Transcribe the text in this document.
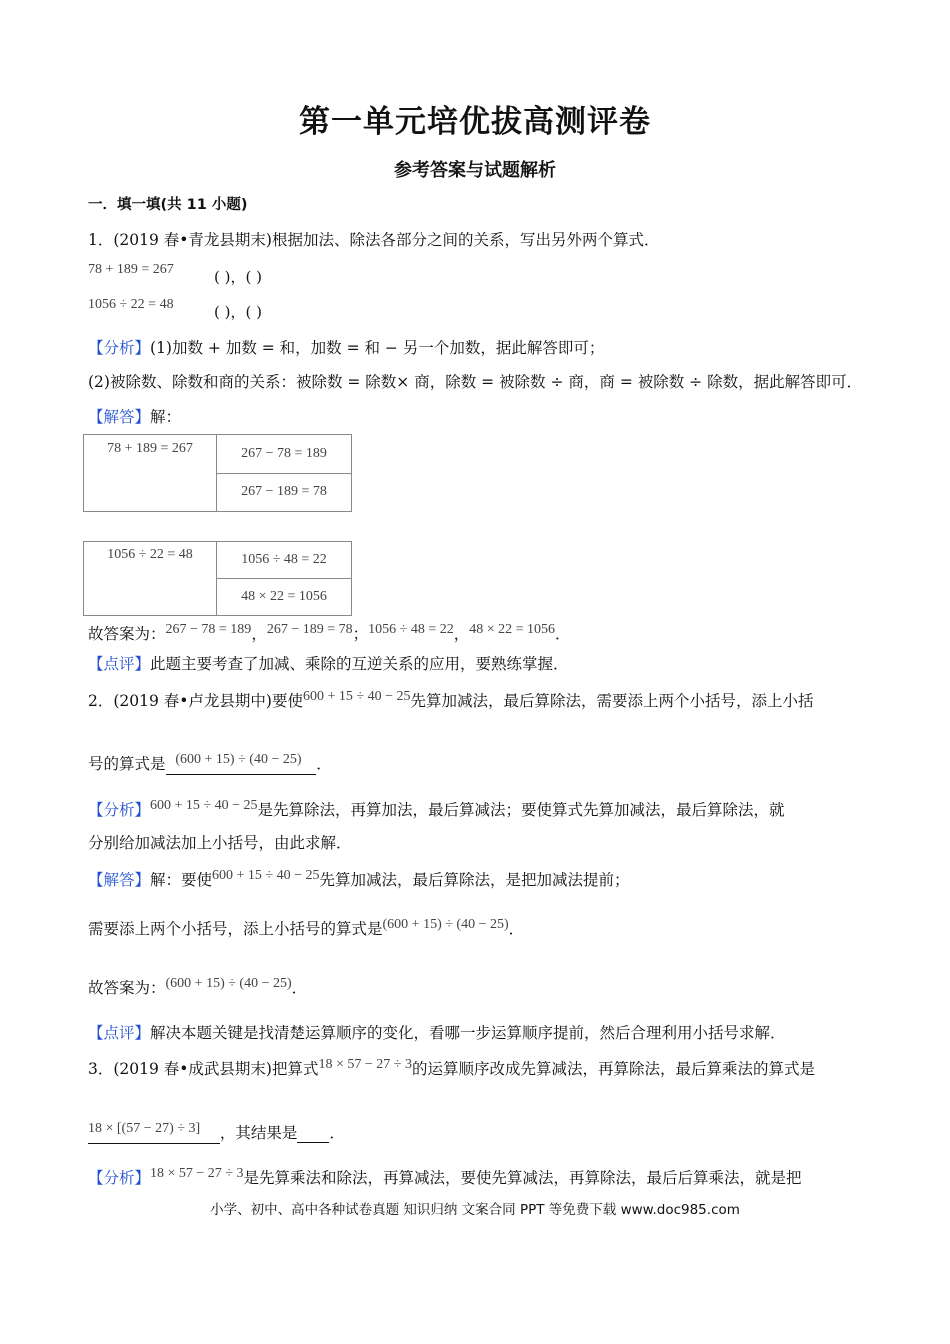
第一单元培优拔高测评卷
参考答案与试题解析
一．填一填(共 11 小题)
1．(2019 春•青龙县期末)根据加法、除法各部分之间的关系，写出另外两个算式．
78 + 189 = 267	( )，( )
1056 ÷ 22 = 48	( )，( )
【分析】(1)加数 + 加数 = 和，加数 = 和 − 另一个加数，据此解答即可；
(2)被除数、除数和商的关系：被除数 = 除数× 商，除数 = 被除数 ÷ 商，商 = 被除数 ÷ 除数，据此解答即可．
【解答】解：
78 + 189 = 267	267 − 78 = 189
267 − 189 = 78
1056 ÷ 22 = 48	1056 ÷ 48 = 22
48 × 22 = 1056
故答案为：267 − 78 = 189，267 − 189 = 78；1056 ÷ 48 = 22，48 × 22 = 1056．
【点评】此题主要考查了加减、乘除的互逆关系的应用，要熟练掌握．
2．(2019 春•卢龙县期中)要使600 + 15 ÷ 40 − 25先算加减法，最后算除法，需要添上两个小括号，添上小括
号的算式是 (600 + 15) ÷ (40 − 25) ．
【分析】600 + 15 ÷ 40 − 25是先算除法，再算加法，最后算减法；要使算式先算加减法，最后算除法，就
分别给加减法加上小括号，由此求解．
【解答】解：要使600 + 15 ÷ 40 − 25先算加减法，最后算除法，是把加减法提前；
需要添上两个小括号，添上小括号的算式是(600 + 15) ÷ (40 − 25)．
故答案为：(600 + 15) ÷ (40 − 25)．
【点评】解决本题关键是找清楚运算顺序的变化，看哪一步运算顺序提前，然后合理利用小括号求解．
3．(2019 春•成武县期末)把算式18 × 57 − 27 ÷ 3的运算顺序改成先算减法，再算除法，最后算乘法的算式是
18 × [(57 − 27) ÷ 3] ，其结果是 ．
【分析】18 × 57 − 27 ÷ 3是先算乘法和除法，再算减法，要使先算减法，再算除法，最后后算乘法，就是把
小学、初中、高中各种试卷真题 知识归纳 文案合同 PPT 等免费下载 www.doc985.com
